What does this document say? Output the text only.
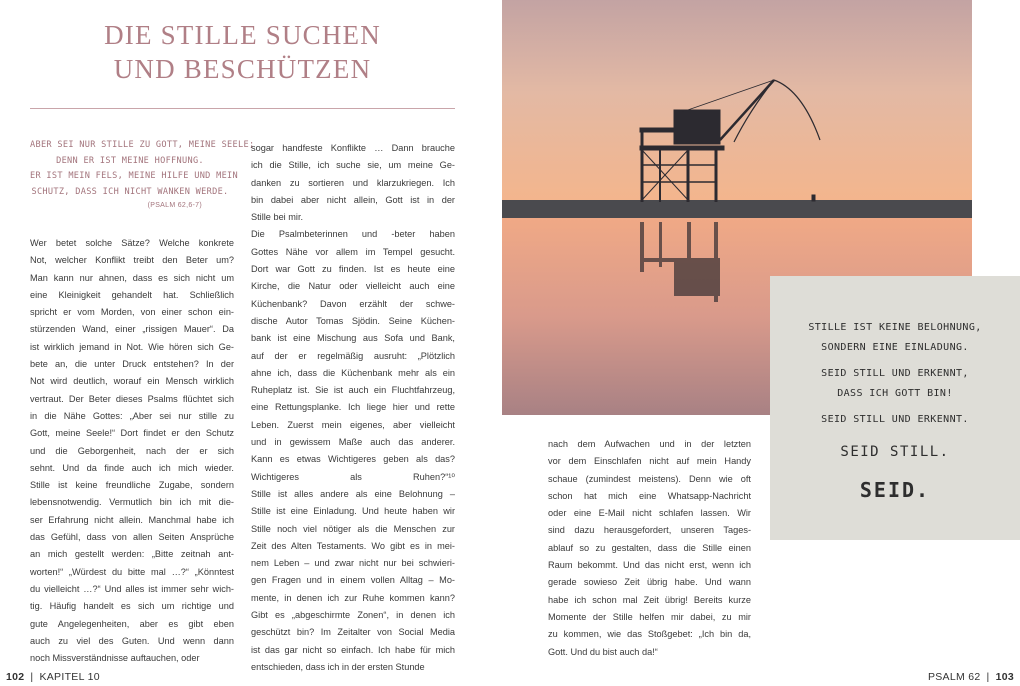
DIE STILLE SUCHEN
UND BESCHÜTZEN
ABER SEI NUR STILLE ZU GOTT, MEINE SEELE;
DENN ER IST MEINE HOFFNUNG.
ER IST MEIN FELS, MEINE HILFE UND MEIN
SCHUTZ, DASS ICH NICHT WANKEN WERDE.
(PSALM 62,6-7)
Wer betet solche Sätze? Welche konkrete
Not, welcher Konflikt treibt den Beter um?
Man kann nur ahnen, dass es sich nicht um
eine Kleinigkeit gehandelt hat. Schließlich
spricht er vom Morden, von einer schon ein-
stürzenden Wand, einer „rissigen Mauer“. Da
ist wirklich jemand in Not. Wie hören sich Ge-
bete an, die unter Druck entstehen? In der
Not wird deutlich, worauf ein Mensch wirklich
vertraut. Der Beter dieses Psalms flüchtet sich
in die Nähe Gottes: „Aber sei nur stille zu
Gott, meine Seele!“ Dort findet er den Schutz
und die Geborgenheit, nach der er sich
sehnt. Und da finde auch ich mich wieder.
Stille ist keine freundliche Zugabe, sondern
lebensnotwendig. Vermutlich bin ich mit die-
ser Erfahrung nicht allein. Manchmal habe ich
das Gefühl, dass von allen Seiten Ansprüche
an mich gestellt werden: „Bitte zeitnah ant-
worten!“ „Würdest du bitte mal …?“ „Könntest
du vielleicht …?“ Und alles ist immer sehr wich-
tig. Häufig handelt es sich um richtige und
gute Angelegenheiten, aber es gibt eben
auch zu viel des Guten. Und wenn dann
noch Missverständnisse auftauchen, oder
sogar handfeste Konflikte … Dann brauche
ich die Stille, ich suche sie, um meine Ge-
danken zu sortieren und klarzukriegen. Ich
bin dabei aber nicht allein, Gott ist in der
Stille bei mir.
Die Psalmbeterinnen und -beter haben
Gottes Nähe vor allem im Tempel gesucht.
Dort war Gott zu finden. Ist es heute eine
Kirche, die Natur oder vielleicht auch eine
Küchenbank? Davon erzählt der schwe-
dische Autor Tomas Sjödin. Seine Küchen-
bank ist eine Mischung aus Sofa und Bank,
auf der er regelmäßig ausruht: „Plötzlich
ahne ich, dass die Küchenbank mehr als ein
Ruheplatz ist. Sie ist auch ein Fluchtfahrzeug,
eine Rettungsplanke. Ich liege hier und rette
Leben. Zuerst mein eigenes, aber vielleicht
und in gewissem Maße auch das anderer.
Kann es etwas Wichtigeres geben als das?
Wichtigeres als Ruhen?“¹⁰
Stille ist alles andere als eine Belohnung –
Stille ist eine Einladung. Und heute haben wir
Stille noch viel nötiger als die Menschen zur
Zeit des Alten Testaments. Wo gibt es in mei-
nem Leben – und zwar nicht nur bei schwieri-
gen Fragen und in einem vollen Alltag – Mo-
mente, in denen ich zur Ruhe kommen kann?
Gibt es „abgeschirmte Zonen“, in denen ich
geschützt bin? Im Zeitalter von Social Media
ist das gar nicht so einfach. Ich habe für mich
entschieden, dass ich in der ersten Stunde
102 | KAPITEL 10
nach dem Aufwachen und in der letzten
vor dem Einschlafen nicht auf mein Handy
schaue (zumindest meistens). Denn wie oft
schon hat mich eine Whatsapp-Nachricht
oder eine E-Mail nicht schlafen lassen. Wir
sind dazu herausgefordert, unseren Tages-
ablauf so zu gestalten, dass die Stille einen
Raum bekommt. Und das nicht erst, wenn ich
gerade sowieso Zeit übrig habe. Und wann
habe ich schon mal Zeit übrig! Bereits kurze
Momente der Stille helfen mir dabei, zu mir
zu kommen, wie das Stoßgebet: „Ich bin da,
Gott. Und du bist auch da!“
STILLE IST KEINE BELOHNUNG,
SONDERN EINE EINLADUNG.
SEID STILL UND ERKENNT,
DASS ICH GOTT BIN!
SEID STILL UND ERKENNT.
SEID STILL.
SEID.
PSALM 62 | 103
